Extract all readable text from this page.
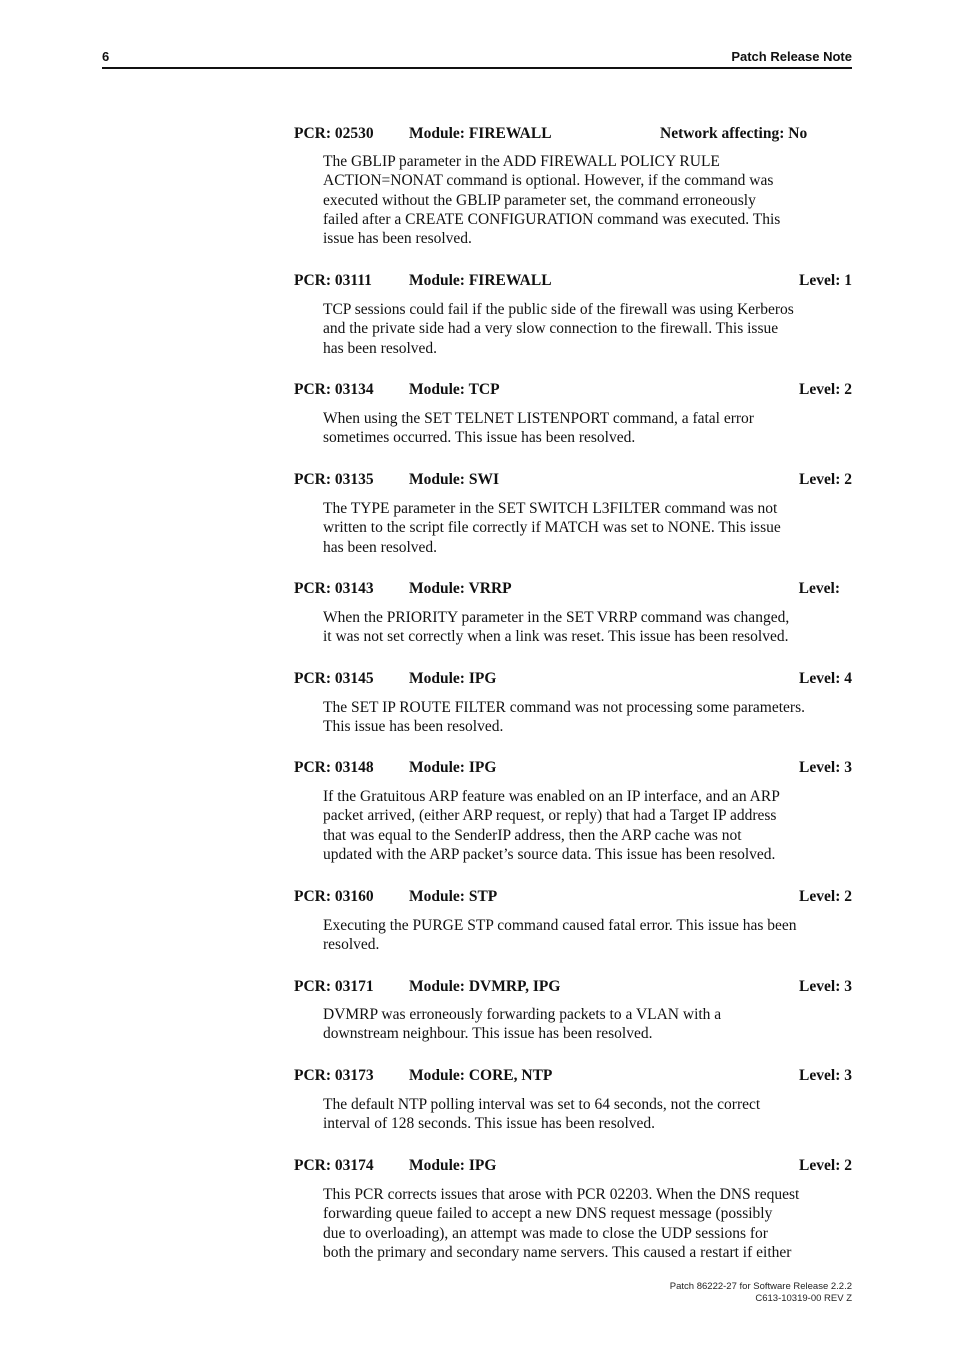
6	Patch Release Note
PCR: 02530 Module: FIREWALL	Network affecting: No
The GBLIP parameter in the ADD FIREWALL POLICY RULE
ACTION=NONAT command is optional. However, if the command was
executed without the GBLIP parameter set, the command erroneously
failed after a CREATE CONFIGURATION command was executed. This
issue has been resolved.
PCR: 03111 Module: FIREWALL	Level: 1
TCP sessions could fail if the public side of the firewall was using Kerberos
and the private side had a very slow connection to the firewall. This issue
has been resolved.
PCR: 03134 Module: TCP	Level: 2
When using the SET TELNET LISTENPORT command, a fatal error
sometimes occurred. This issue has been resolved.
PCR: 03135 Module: SWI	Level: 2
The TYPE parameter in the SET SWITCH L3FILTER command was not
written to the script file correctly if MATCH was set to NONE. This issue
has been resolved.
PCR: 03143 Module: VRRP	Level:
When the PRIORITY parameter in the SET VRRP command was changed,
it was not set correctly when a link was reset. This issue has been resolved.
PCR: 03145 Module: IPG	Level: 4
The SET IP ROUTE FILTER command was not processing some parameters.
This issue has been resolved.
PCR: 03148 Module: IPG	Level: 3
If the Gratuitous ARP feature was enabled on an IP interface, and an ARP
packet arrived, (either ARP request, or reply) that had a Target IP address
that was equal to the SenderIP address, then the ARP cache was not
updated with the ARP packet’s source data. This issue has been resolved.
PCR: 03160 Module: STP	Level: 2
Executing the PURGE STP command caused fatal error. This issue has been
resolved.
PCR: 03171 Module: DVMRP, IPG	Level: 3
DVMRP was erroneously forwarding packets to a VLAN with a
downstream neighbour. This issue has been resolved.
PCR: 03173 Module: CORE, NTP	Level: 3
The default NTP polling interval was set to 64 seconds, not the correct
interval of 128 seconds. This issue has been resolved.
PCR: 03174 Module: IPG	Level: 2
This PCR corrects issues that arose with PCR 02203. When the DNS request
forwarding queue failed to accept a new DNS request message (possibly
due to overloading), an attempt was made to close the UDP sessions for
both the primary and secondary name servers. This caused a restart if either
Patch 86222-27 for Software Release 2.2.2
C613-10319-00 REV Z
